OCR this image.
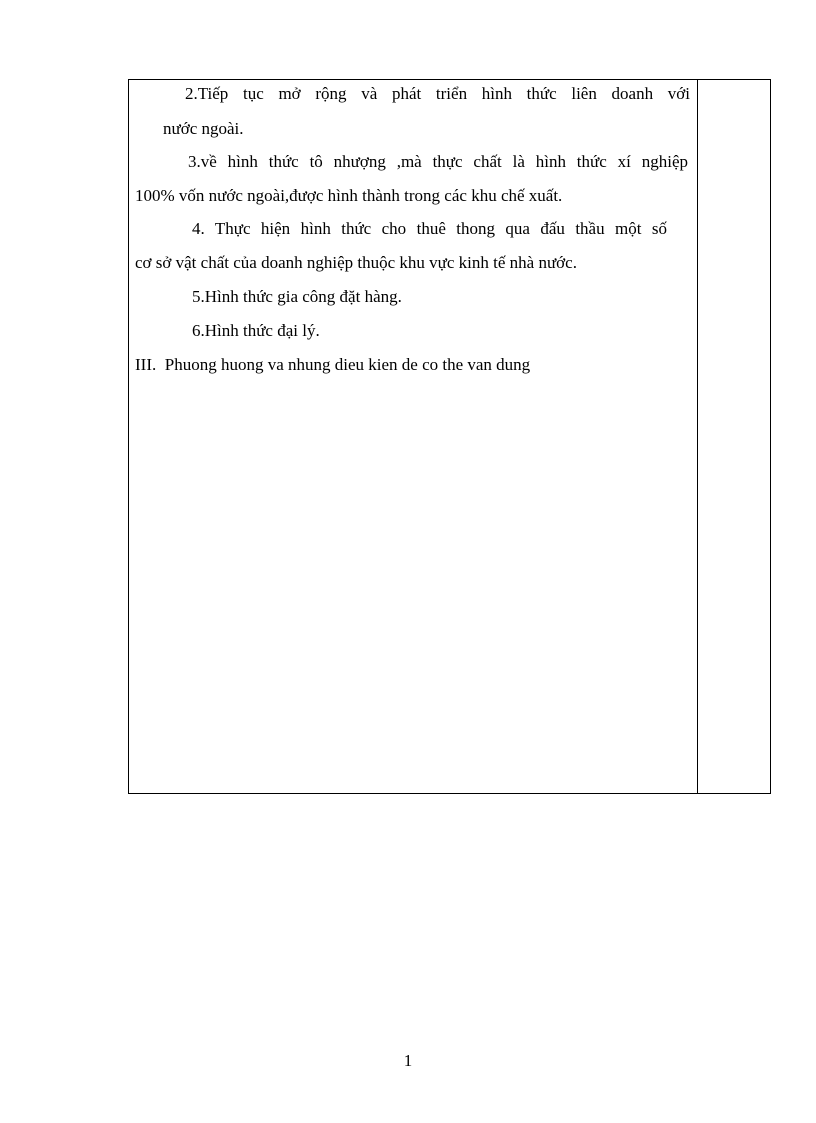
2.Tiếp tục mở rộng và phát triển hình thức liên doanh với
nước ngoài.
3.về hình thức tô nhượng ,mà thực chất là hình thức xí nghiệp
100% vốn nước ngoài,được hình thành trong các khu chế xuất.
4. Thực hiện hình thức cho thuê thong qua đấu thầu một số
cơ sở vật chất của doanh nghiệp thuộc khu vực kinh tế nhà nước.
5.Hình thức gia công đặt hàng.
6.Hình thức đại lý.
III.  Phuong huong va nhung dieu kien de co the van dung
1
